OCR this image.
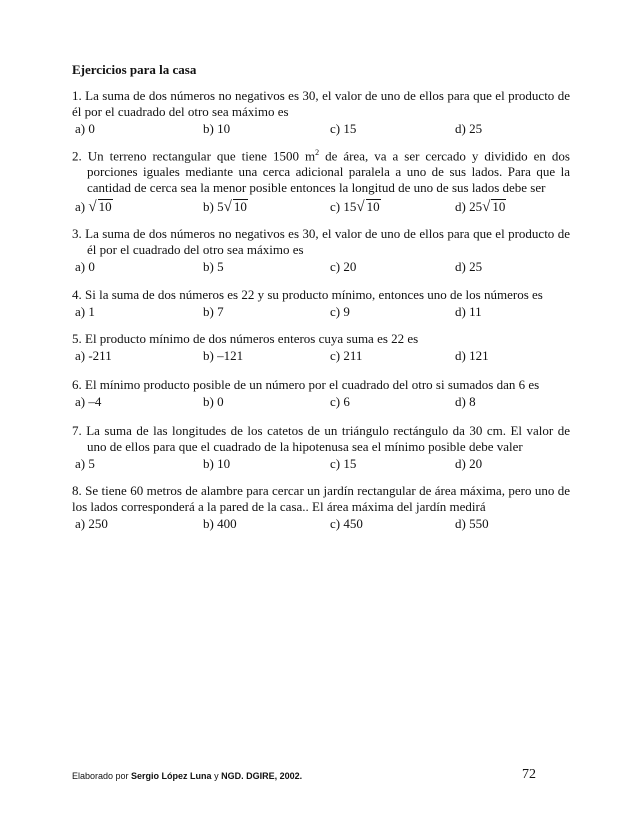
Ejercicios para la casa
1. La suma de dos números no negativos es 30, el valor de uno de ellos para que el producto de él por el cuadrado del otro sea máximo es
a) 0	b) 10	c) 15	d) 25
2. Un terreno rectangular que tiene 1500 $m^2$ de área, va a ser cercado y dividido en dos porciones iguales mediante una cerca adicional paralela a uno de sus lados. Para que la cantidad de cerca sea la menor posible entonces la longitud de uno de sus lados debe ser
a) √ 10	b) 5√ 10	c) 15√ 10	d) 25√ 10
3. La suma de dos números no negativos es 30, el valor de uno de ellos para que el producto de él por el cuadrado del otro sea máximo es
a) 0	b) 5	c) 20	d) 25
4. Si la suma de dos números es 22 y su producto mínimo, entonces uno de los números es
a) 1	b) 7	c) 9	d) 11
5. El producto mínimo de dos números enteros cuya suma es 22 es
a) -211	b) –121	c) 211	d) 121
6. El mínimo producto posible de un número por el cuadrado del otro si sumados dan 6 es
a) –4	b) 0	c) 6	d) 8
7. La suma de las longitudes de los catetos de un triángulo rectángulo da 30 cm. El valor de uno de ellos para que el cuadrado de la hipotenusa sea el mínimo posible debe valer
a) 5	b) 10	c) 15	d) 20
8. Se tiene 60 metros de alambre para cercar un jardín rectangular de área máxima, pero uno de los lados corresponderá a la pared de la casa.. El área máxima del jardín medirá
a) 250	b) 400	c) 450	d) 550
Elaborado por Sergio López Luna y NGD. DGIRE, 2002.	72
